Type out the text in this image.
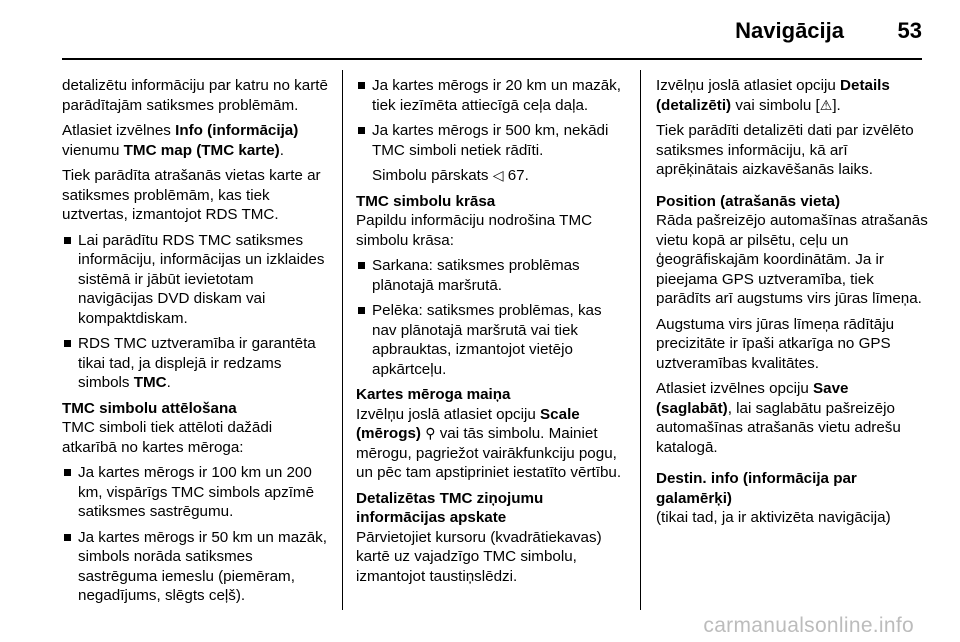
Navigācija 53

detalizētu informāciju par katru no kartē parādītajām satiksmes problēmām.

Atlasiet izvēlnes Info (informācija) vienumu TMC map (TMC karte).

Tiek parādīta atrašanās vietas karte ar satiksmes problēmām, kas tiek uztvertas, izmantojot RDS TMC.

Lai parādītu RDS TMC satiksmes informāciju, informācijas un izklaides sistēmā ir jābūt ievietotam navigācijas DVD diskam vai kompaktdiskam.
RDS TMC uztveramība ir garantēta tikai tad, ja displejā ir redzams simbols TMC.
TMC simbolu attēlošana

TMC simboli tiek attēloti dažādi atkarībā no kartes mēroga:

Ja kartes mērogs ir 100 km un 200 km, vispārīgs TMC simbols apzīmē satiksmes sastrēgumu.
Ja kartes mērogs ir 50 km un mazāk, simbols norāda satiksmes sastrēguma iemeslu (piemēram, negadījums, slēgts ceļš).
Ja kartes mērogs ir 20 km un mazāk, tiek iezīmēta attiecīgā ceļa daļa.
Ja kartes mērogs ir 500 km, nekādi TMC simboli netiek rādīti.

Simbolu pārskats ◁ 67.

TMC simbolu krāsa

Papildu informāciju nodrošina TMC simbolu krāsa:

Sarkana: satiksmes problēmas plānotajā maršrutā.
Pelēka: satiksmes problēmas, kas nav plānotajā maršrutā vai tiek apbrauktas, izmantojot vietējo apkārtceļu.
Kartes mēroga maiņa

Izvēlņu joslā atlasiet opciju Scale (mērogs) ⚲ vai tās simbolu. Mainiet mērogu, pagriežot vairākfunkciju pogu, un pēc tam apstipriniet iestatīto vērtību.

Detalizētas TMC ziņojumu
informācijas apskate

Pārvietojiet kursoru (kvadrātiekavas) kartē uz vajadzīgo TMC simbolu, izmantojot taustiņslēdzi.

Izvēlņu joslā atlasiet opciju Details (detalizēti) vai simbolu [⚠].

Tiek parādīti detalizēti dati par izvēlēto satiksmes informāciju, kā arī aprēķinātais aizkavēšanās laiks.

Position (atrašanās vieta)

Rāda pašreizējo automašīnas atrašanās vietu kopā ar pilsētu, ceļu un ģeogrāfiskajām koordinātām. Ja ir pieejama GPS uztveramība, tiek parādīts arī augstums virs jūras līmeņa.

Augstuma virs jūras līmeņa rādītāju precizitāte ir īpaši atkarīga no GPS uztveramības kvalitātes.

Atlasiet izvēlnes opciju Save (saglabāt), lai saglabātu pašreizējo automašīnas atrašanās vietu adrešu katalogā.

Destin. info (informācija par galamērķi)

(tikai tad, ja ir aktivizēta navigācija)

carmanualsonline.info
